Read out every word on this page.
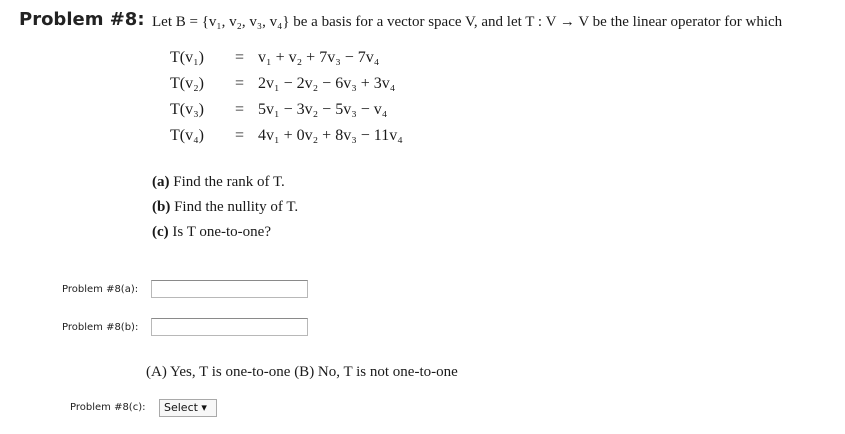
Problem #8: Let B = {v₁, v₂, v₃, v₄} be a basis for a vector space V, and let T : V → V be the linear operator for which
T(v₁) = v₁ + v₂ + 7v₃ − 7v₄
T(v₂) = 2v₁ − 2v₂ − 6v₃ + 3v₄
T(v₃) = 5v₁ − 3v₂ − 5v₃ − v₄
T(v₄) = 4v₁ + 0v₂ + 8v₃ − 11v₄
(a) Find the rank of T.
(b) Find the nullity of T.
(c) Is T one-to-one?
Problem #8(a):
Problem #8(b):
(A) Yes, T is one-to-one (B) No, T is not one-to-one
Problem #8(c):	Select ▾
